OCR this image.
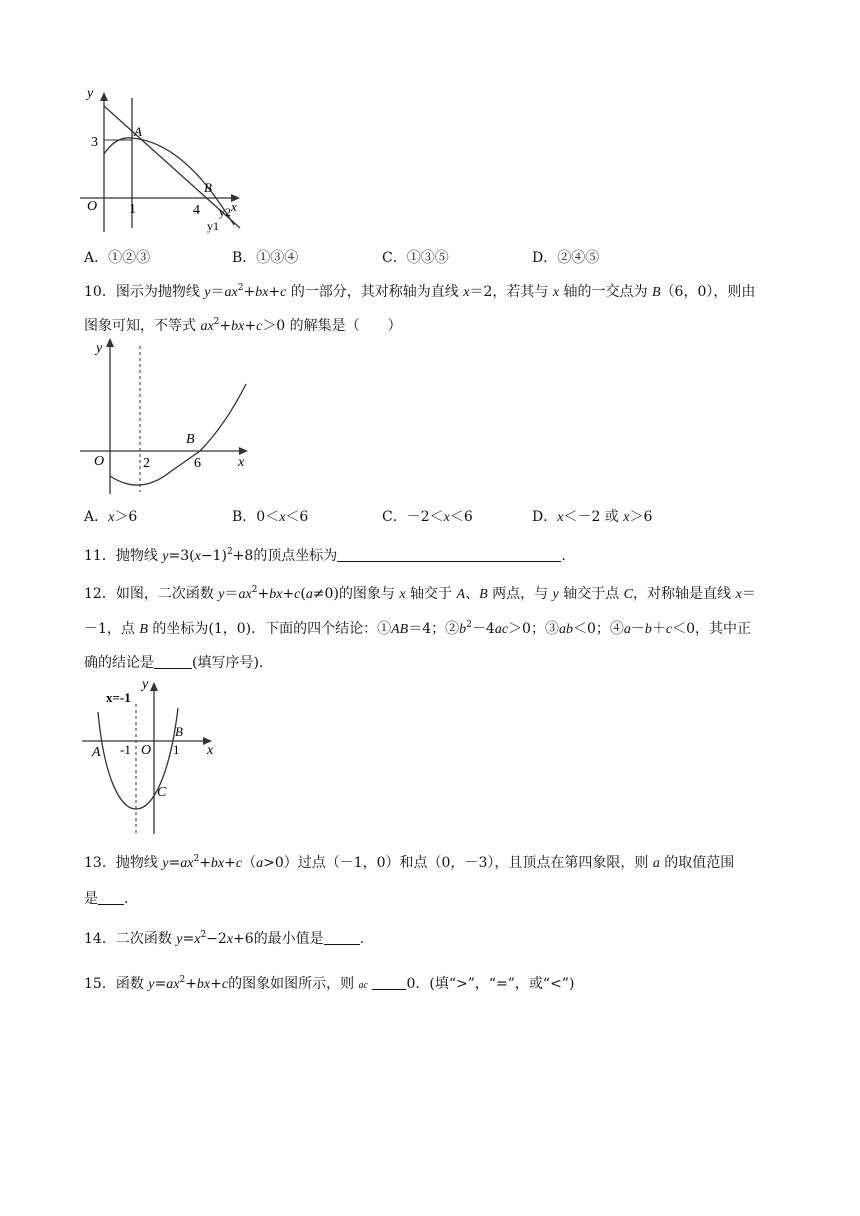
y
x
O
3
1	4
A
B
y2
y1
A．①②③	B．①③④	C．①③⑤	D．②④⑤
10．图示为抛物线 $y=ax^2+bx+c$ 的一部分，其对称轴为直线 x＝2，若其与 x 轴的一交点为 B（6，0），则由
图象可知，不等式 $ax^2+bx+c>0$ 的解集是（　　）
y
O	2	6
B
x
A．x＞6	B．0＜x＜6	C．－2＜x＜6	D．x＜－2 或 x＞6
11．抛物线 $y=3(x-1)^2+8$的顶点坐标为	.
12．如图，二次函数 $y=ax^2+bx+c(a\ne 0)$的图象与 x 轴交于 A、B 两点，与 y 轴交于点 C，对称轴是直线 x＝
－1，点 B 的坐标为(1，0)．下面的四个结论：①AB＝4；$②b^2-4ac>0$；③ab＜0；④a－b＋c＜0，其中正
确的结论是	(填写序号)．
x=-1
y
B
A -1 O 1 x
C
13．抛物线 $y=ax^2+bx+c(a>0)$过点（－1，0）和点（0，－3），且顶点在第四象限，则 a 的取值范围
是 .
14．二次函数 $y=x^2-2x+6$的最小值是	.
15．函数 $y=ax^2+bx+c$的图象如图所示，则 ac	0．(填“>”，“=”，或“<”)
